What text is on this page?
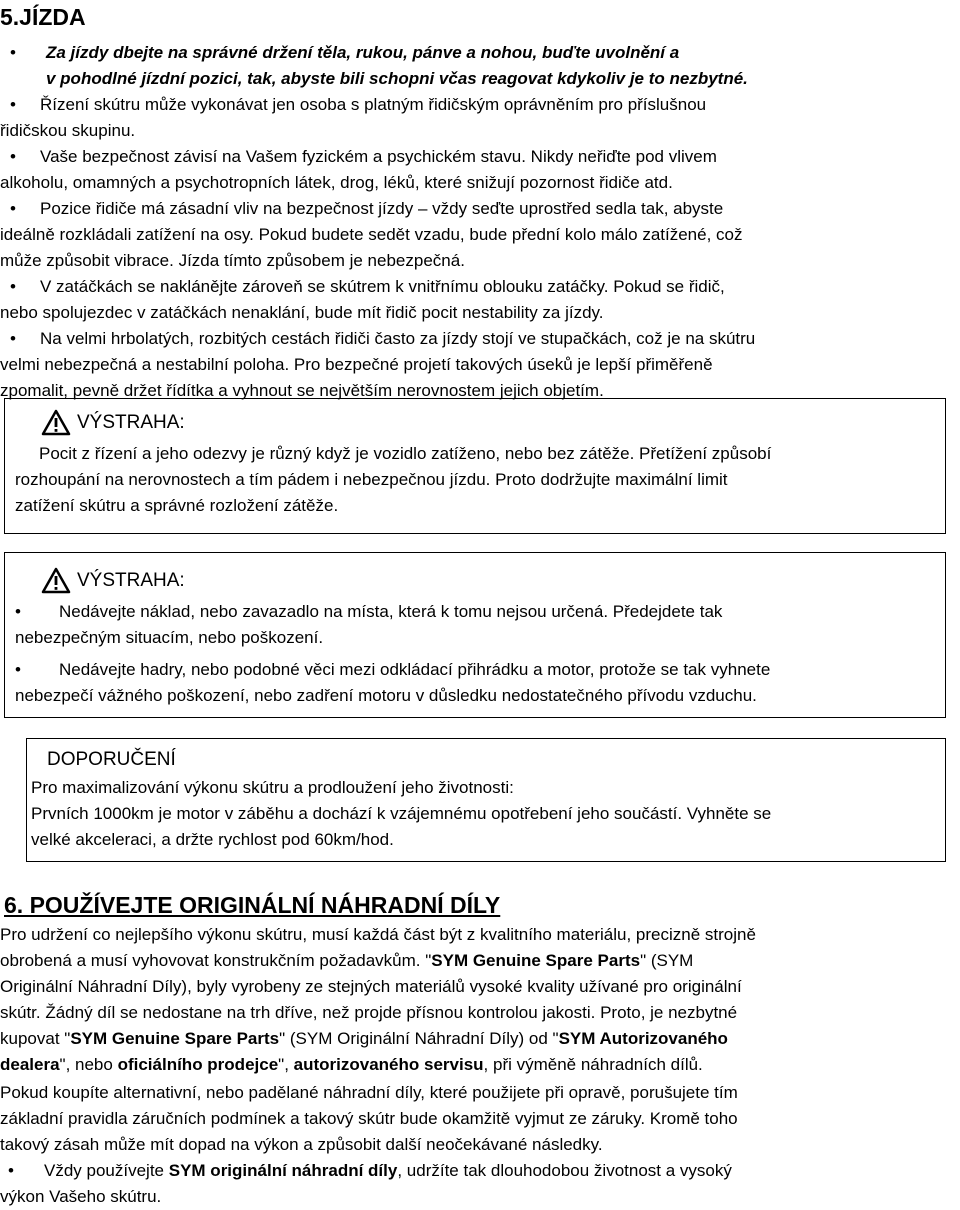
5.JÍZDA

• Za jízdy dbejte na správné držení těla, rukou, pánve a nohou, buďte uvolnění a

v pohodlné jízdní pozici, tak, abyste bili schopni včas reagovat kdykoliv je to nezbytné.

• Řízení skútru může vykonávat jen osoba s platným řidičským oprávněním pro příslušnou

řidičskou skupinu.

• Vaše bezpečnost závisí na Vašem fyzickém a psychickém stavu. Nikdy neřiďte pod vlivem

alkoholu, omamných a psychotropních látek, drog, léků, které snižují pozornost řidiče atd.

• Pozice řidiče má zásadní vliv na bezpečnost jízdy – vždy seďte uprostřed sedla tak, abyste

ideálně rozkládali zatížení na osy. Pokud budete sedět vzadu, bude přední kolo málo zatížené, což

může způsobit vibrace. Jízda tímto způsobem je nebezpečná.

• V zatáčkách se naklánějte zároveň se skútrem k vnitřnímu oblouku zatáčky. Pokud se řidič,

nebo spolujezdec v zatáčkách nenaklání, bude mít řidič pocit nestability za jízdy.

• Na velmi hrbolatých, rozbitých cestách řidiči často za jízdy stojí ve stupačkách, což je na skútru

velmi nebezpečná a nestabilní poloha. Pro bezpečné projetí takových úseků je lepší přiměřeně

zpomalit, pevně držet řídítka a vyhnout se největším nerovnostem jejich objetím.

VÝSTRAHA:

Pocit z řízení a jeho odezvy je různý když je vozidlo zatíženo, nebo bez zátěže. Přetížení způsobí

rozhoupání na nerovnostech a tím pádem i nebezpečnou jízdu. Proto dodržujte maximální limit

zatížení skútru a správné rozložení zátěže.

VÝSTRAHA:

• Nedávejte náklad, nebo zavazadlo na místa, která k tomu nejsou určená. Předejdete tak

nebezpečným situacím, nebo poškození.

• Nedávejte hadry, nebo podobné věci mezi odkládací přihrádku a motor, protože se tak vyhnete

nebezpečí vážného poškození, nebo zadření motoru v důsledku nedostatečného přívodu vzduchu.

DOPORUČENÍ

Pro maximalizování výkonu skútru a prodloužení jeho životnosti:

Prvních 1000km je motor v záběhu a dochází k vzájemnému opotřebení jeho součástí. Vyhněte se

velké akceleraci, a držte rychlost pod 60km/hod.

6. POUŽÍVEJTE ORIGINÁLNÍ NÁHRADNÍ DÍLY

Pro udržení co nejlepšího výkonu skútru, musí každá část být z kvalitního materiálu, precizně strojně

obrobená a musí vyhovovat konstrukčním požadavkům. "SYM Genuine Spare Parts" (SYM

Originální Náhradní Díly), byly vyrobeny ze stejných materiálů vysoké kvality užívané pro originální

skútr. Žádný díl se nedostane na trh dříve, než projde přísnou kontrolou jakosti. Proto, je nezbytné

kupovat "SYM Genuine Spare Parts" (SYM Originální Náhradní Díly) od "SYM Autorizovaného

dealera", nebo oficiálního prodejce", autorizovaného servisu, při výměně náhradních dílů.

Pokud koupíte alternativní, nebo padělané náhradní díly, které použijete při opravě, porušujete tím

základní pravidla záručních podmínek a takový skútr bude okamžitě vyjmut ze záruky. Kromě toho

takový zásah může mít dopad na výkon a způsobit další neočekávané následky.

• Vždy používejte SYM originální náhradní díly, udržíte tak dlouhodobou životnost a vysoký

výkon Vašeho skútru.
